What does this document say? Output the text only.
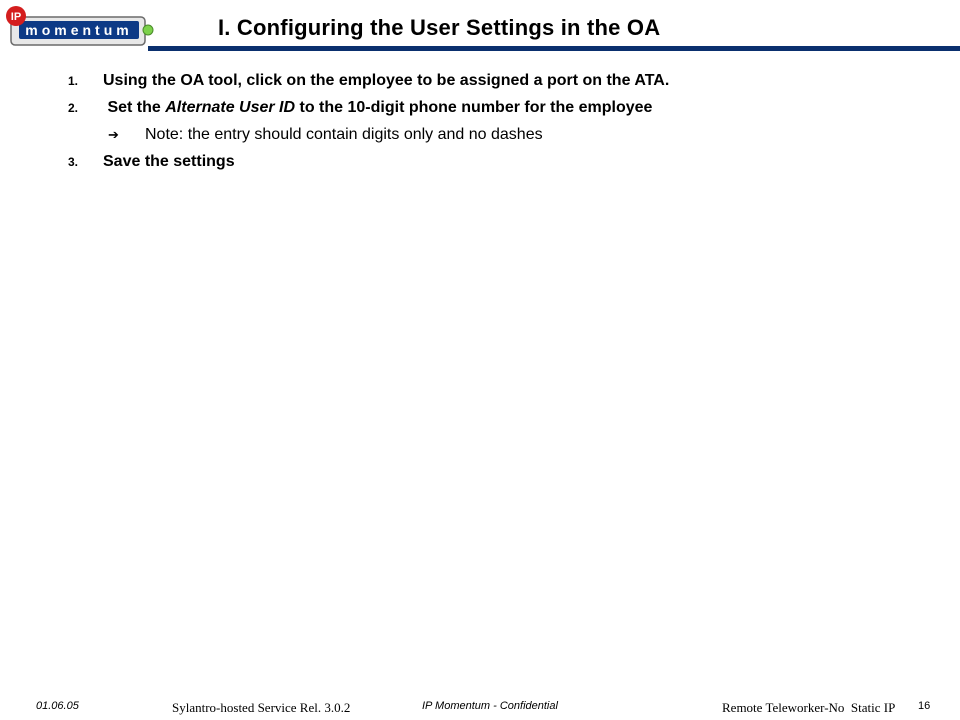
momentum
IP	I. Configuring the User Settings in the OA
1. Using the OA tool, click on the employee to be assigned a port on the ATA.
2. Set the Alternate User ID to the 10-digit phone number for the employee
➔ Note: the entry should contain digits only and no dashes
3. Save the settings
01.06.05	Sylantro-hosted Service Rel. 3.0.2	IP Momentum - Confidential	Remote Teleworker-No  Static IP 16
